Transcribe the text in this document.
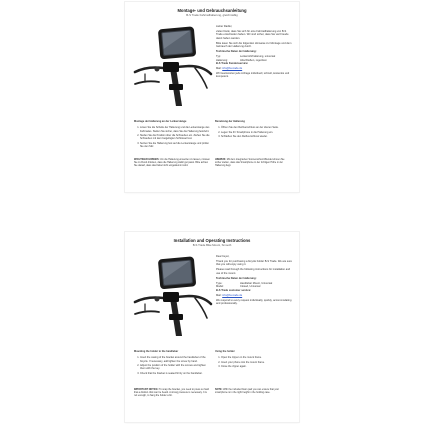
Montage- und Gebrauchsanleitung
B-S Trade Fahrradhalterung, gleichmäßig

Lieber Radler,

vielen Dank, dass Sie sich für eine Fahrradhalterung von B-S Trade entschieden haben. Wir sind sicher, dass Sie viel Freude damit haben werden.

Bitte lesen Sie sich die folgenden Hinweise zur Montage und dem Gebrauch der Halterung durch.

Technische Daten der Halterung:

Typ:	Lenkerrohrhalterung, universal
Halterung:	Abschließen, regenfest

B-S Trade Kundenservice:

Mail: info@bs-trade.de

Wir beantworten jede Anfrage individuell, schnell, kostenlos und kompetent.

Montage der Halterung an der Lenkerstange
1. Lösen Sie die Schelle der Halterung und die Lenkerstange des Fahrrades. Stellen Sie sicher, dass Sie die Halterung festzieht.
2. Stellen Sie die Position über die Schrauben ein. Ziehen Sie die Schrauben mit dem beigefügten Schlüssel fest.
3. Setzen Sie die Halterung fest auf die Lenkerstange und prüfen Sie den Sitz.
Benutzung der Halterung
1. Öffnen Sie den Reißverschluss an der oberen Seite.
2. Legen Sie Ihr Smartphone in die Halterung ein.
3. Schließen Sie den Reißverschluss wieder.
WICHTIGER HINWEIS: Um die Halterung einsetzen zu lassen, müssen Sie zu Rund drücken, dass die Halterung stabil gut passt. Bitte achten Sie darauf, dass das Kabel nicht eingeklemmt wird.
HINWEIS: Mit dem integrierten Sonnenschutz-Blende können Sie sicher stellen, dass das Smartphone in der richtigen Höhe in der Halterung liegt.
Installation and Operating Instructions
B-S Trade Bike Mount, Smooth

Dear buyer,

Thank you for purchasing a bicycle holder B-S Trade. We are sure that you will enjoy using it.

Please read through the following instructions for installation and use of the mount.

Technische Daten der Halterung:

Type:	Handlebar Mount, Universal
Model:	Closed, Universal

B-S Trade customer service:

Mail: info@bs-trade.de

We respond to every request individually, quickly, accommodating and professionally.

Mounting the holder to the handlebar
1. Insert the casing of the bracket around the handlebar of the bicycle. If necessary, add lighten the screw by hand.
2. Adjust the position of the holder with the screws and tighten them with the key.
3. Check that the bracket is seated firmly on the handlebar.
Using the holder
1. Open the zipper on the mount frame.
2. Insert your phone into the mount frame.
3. Close the zipper again.
IMPORTANT NOTICE: To snap the bracket, you need to press so hard that a distinct click can be heard. A strong pressure is necessary. It is not enough, to hang the holder a bit.
NOTE: With the included foam pad you can ensure that your smartphone is in the right height in the holding case.
